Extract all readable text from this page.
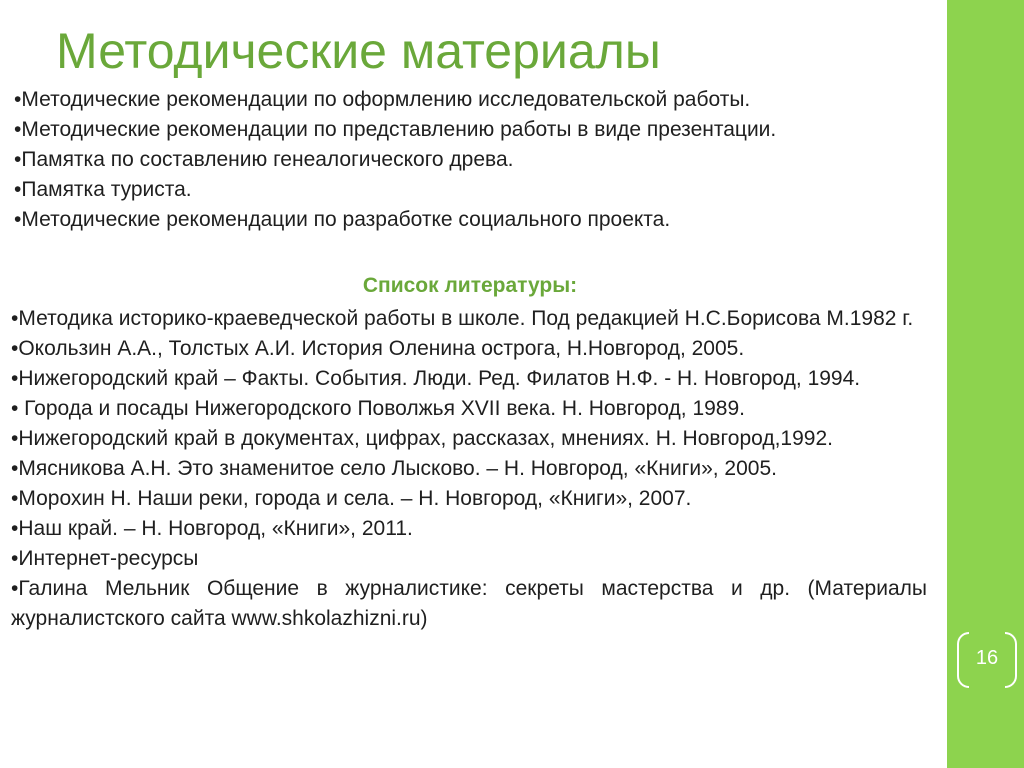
Методические материалы
•Методические рекомендации по оформлению исследовательской работы.
•Методические рекомендации по представлению работы в виде презентации.
•Памятка по составлению генеалогического древа.
•Памятка туриста.
•Методические рекомендации по разработке социального проекта.
Список литературы:
•Методика историко-краеведческой работы в школе. Под редакцией Н.С.Борисова М.1982 г.
•Окользин А.А., Толстых А.И. История Оленина острога, Н.Новгород, 2005.
•Нижегородский край – Факты. События. Люди. Ред. Филатов Н.Ф. - Н. Новгород, 1994.
• Города и посады Нижегородского Поволжья XVII века. Н. Новгород, 1989.
•Нижегородский край в документах, цифрах, рассказах, мнениях. Н. Новгород,1992.
•Мясникова А.Н. Это знаменитое село Лысково. – Н. Новгород, «Книги», 2005.
•Морохин Н. Наши реки, города и села. – Н. Новгород, «Книги», 2007.
•Наш край. – Н. Новгород, «Книги», 2011.
•Интернет-ресурсы
•Галина Мельник Общение в журналистике: секреты мастерства и др. (Материалы журналистского сайта www.shkolazhizni.ru)
16
